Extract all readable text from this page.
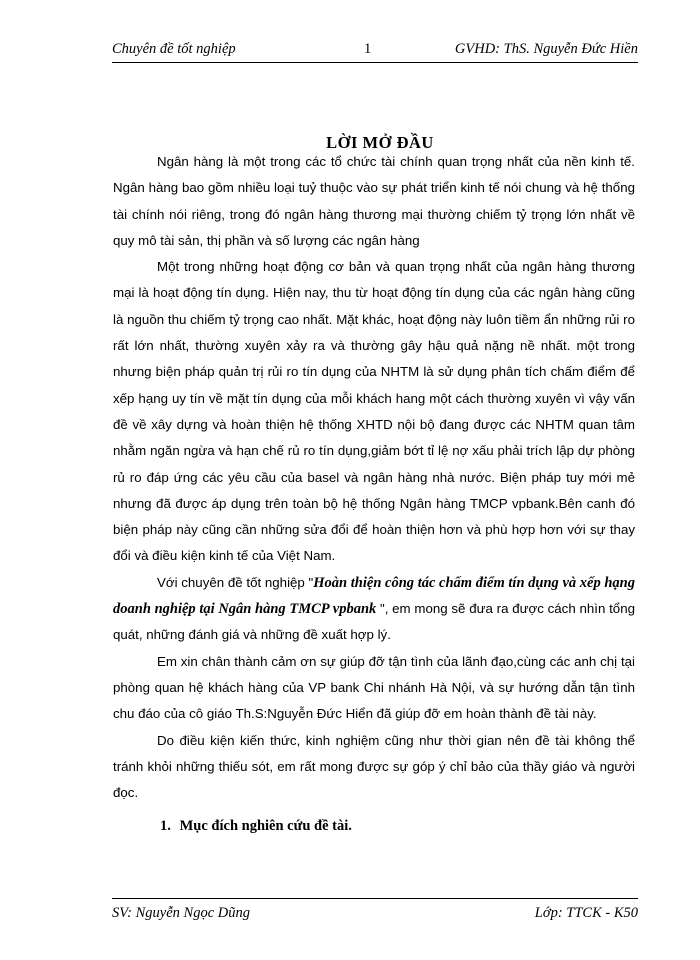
Chuyên đề tốt nghiệp	1	GVHD: ThS. Nguyễn Đức Hiền
LỜI MỞ ĐẦU

Ngân hàng là một trong các tổ chức tài chính quan trọng nhất của nền kinh tế. Ngân hàng bao gồm nhiều loại tuỷ thuộc vào sự phát triển kinh tế nói chung và hệ thống tài chính nói riêng, trong đó ngân hàng thương mại thường chiếm tỷ trọng lớn nhất về quy mô tài sản, thị phần và số lượng các ngân hàng

Một trong những hoạt động cơ bản và quan trọng nhất của ngân hàng thương mại là hoạt động tín dụng. Hiện nay, thu từ hoạt động tín dụng của các ngân hàng cũng là nguồn thu chiếm tỷ trọng cao nhất. Mặt khác, hoạt động này luôn tiềm ẩn những rủi ro rất lớn nhất, thường xuyên xảy ra và thường gây hậu quả nặng nề nhất. một trong nhưng biện pháp quản trị rủi ro tín dụng của NHTM là sử dụng phân tích chấm điểm để xếp hạng uy tín về mặt tín dụng của mỗi khách hang một cách thường xuyên vì vậy vấn đề về xây dựng và hoàn thiện hệ thống XHTD nội bộ đang được các NHTM quan tâm nhằm ngăn ngừa và hạn chế rủ ro tín dụng,giảm bớt tỉ lệ nợ xấu phải trích lập dự phòng rủ ro đáp ứng các yêu cầu của basel và ngân hàng nhà nước. Biện pháp tuy mới mẻ nhưng đã được áp dụng trên toàn bộ hệ thống Ngân hàng TMCP vpbank.Bên canh đó biện pháp này cũng cần những sửa đổi để hoàn thiện hơn và phù hợp hơn với sự thay đổi và điều kiện kinh tế của Việt Nam.

Với chuyên đề tốt nghiệp "Hoàn thiện công tác chấm điểm tín dụng và xếp hạng doanh nghiệp tại Ngân hàng TMCP vpbank ", em mong sẽ đưa ra được cách nhìn tổng quát, những đánh giá và những đề xuất hợp lý.

Em xin chân thành cảm ơn sự giúp đỡ tận tình của lãnh đạo,cùng các anh chị tại phòng quan hệ khách hàng của VP bank Chi nhánh Hà Nội, và sự hướng dẫn tận tình chu đáo của cô giáo Th.S:Nguyễn Đức Hiển đã giúp đỡ em hoàn thành đề tài này.

Do điều kiện kiến thức, kinh nghiệm cũng như thời gian nên đề tài không thể tránh khỏi những thiếu sót, em rất mong được sự góp ý chỉ bảo của thầy giáo và người đọc.

1. Mục đích nghiên cứu đề tài.
SV: Nguyễn Ngọc Dũng	Lớp: TTCK - K50
